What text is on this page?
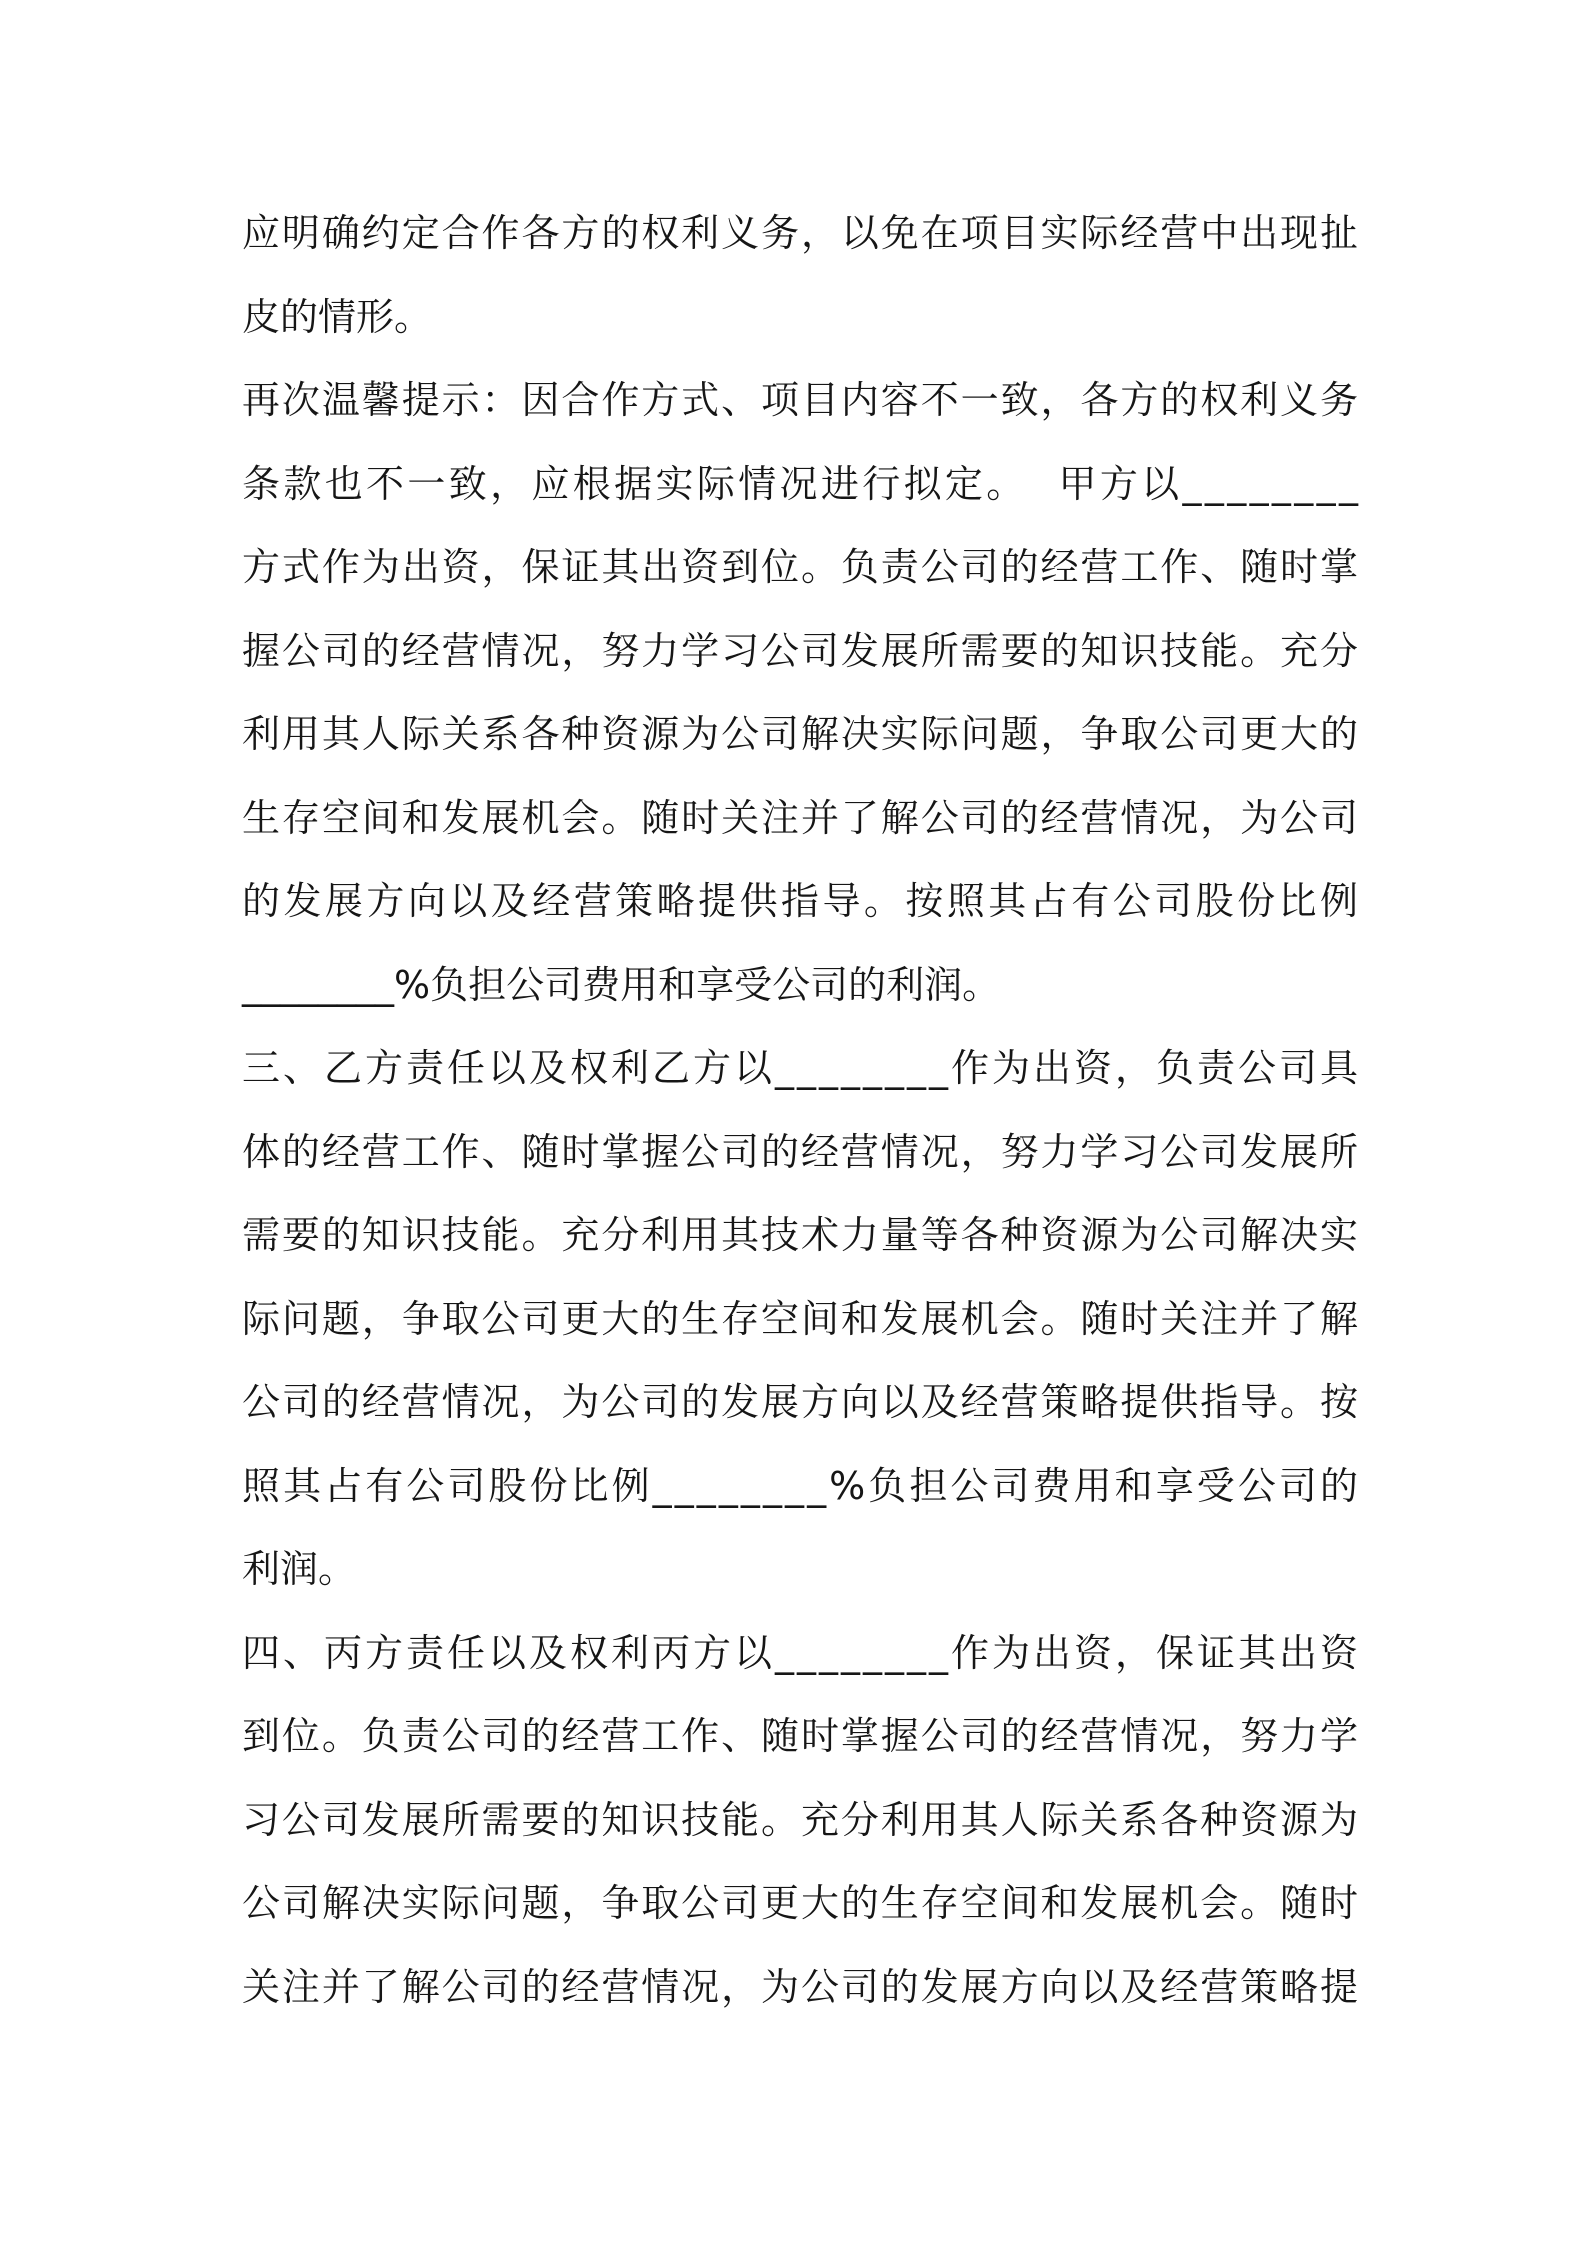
应明确约定合作各方的权利义务，以免在项目实际经营中出现扯
皮的情形。
再次温馨提示：因合作方式、项目内容不一致，各方的权利义务
条款也不一致，应根据实际情况进行拟定。  甲方以________
方式作为出资，保证其出资到位。负责公司的经营工作、随时掌
握公司的经营情况，努力学习公司发展所需要的知识技能。充分
利用其人际关系各种资源为公司解决实际问题，争取公司更大的
生存空间和发展机会。随时关注并了解公司的经营情况，为公司
的发展方向以及经营策略提供指导。按照其占有公司股份比例
________%负担公司费用和享受公司的利润。
三、乙方责任以及权利乙方以________作为出资，负责公司具
体的经营工作、随时掌握公司的经营情况，努力学习公司发展所
需要的知识技能。充分利用其技术力量等各种资源为公司解决实
际问题，争取公司更大的生存空间和发展机会。随时关注并了解
公司的经营情况，为公司的发展方向以及经营策略提供指导。按
照其占有公司股份比例________%负担公司费用和享受公司的
利润。
四、丙方责任以及权利丙方以________作为出资，保证其出资
到位。负责公司的经营工作、随时掌握公司的经营情况，努力学
习公司发展所需要的知识技能。充分利用其人际关系各种资源为
公司解决实际问题，争取公司更大的生存空间和发展机会。随时
关注并了解公司的经营情况，为公司的发展方向以及经营策略提
